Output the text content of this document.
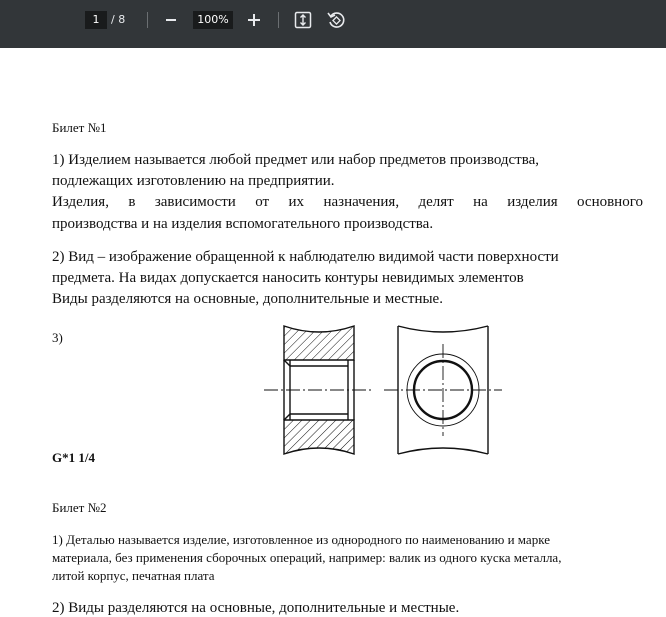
1	/ 8	100%

Билет №1

1) Изделием называется любой предмет или набор предметов производства,

подлежащих изготовлению на предприятии.

Изделия, в зависимости от их назначения, делят на изделия основного

производства и на изделия вспомогательного производства.

2) Вид – изображение обращенной к наблюдателю видимой части поверхности

предмета. На видах допускается наносить контуры невидимых элементов

Виды разделяются на основные, дополнительные и местные.

3)

G*1 1/4

Билет №2

1) Деталью называется изделие, изготовленное из однородного по наименованию и марке

материала, без применения сборочных операций, например: валик из одного куска металла,

литой корпус, печатная плата

2) Виды разделяются на основные, дополнительные и местные.
